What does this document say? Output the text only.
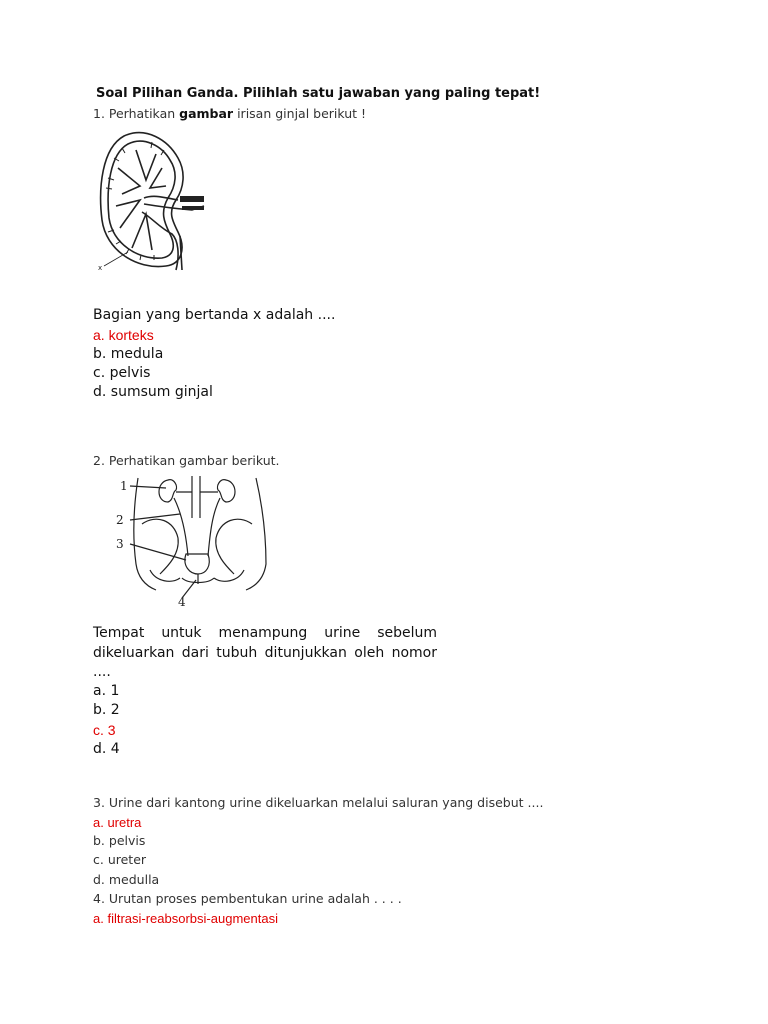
Soal Pilihan Ganda. Pilihlah satu jawaban yang paling tepat!
1. Perhatikan gambar irisan ginjal berikut !
x
Bagian yang bertanda x adalah ....
a. korteks
b. medula
c. pelvis
d. sumsum ginjal
2. Perhatikan gambar berikut.
1
2
3
4
Tempat untuk menampung urine sebelum
dikeluarkan dari tubuh ditunjukkan oleh nomor
....
a. 1
b. 2
c. 3
d. 4
3. Urine dari kantong urine dikeluarkan melalui saluran yang disebut ....
a. uretra
b. pelvis
c. ureter
d. medulla
4. Urutan proses pembentukan urine adalah . . . .
a. filtrasi-reabsorbsi-augmentasi
